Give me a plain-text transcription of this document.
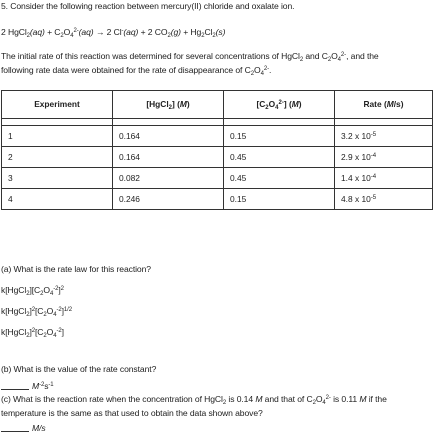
5. Consider the following reaction between mercury(II) chloride and oxalate ion.
2 HgCl$_2$(aq) + $C_2O_4^{2-}(aq) \to 2$ Cl-(aq) + 2 $CO_2(g) + Hg_2Cl_2(s)$
The initial rate of this reaction was determined for several concentrations of HgCl$_2$ and $C_2O_4^{2-}$, and the
following rate data were obtained for the rate of disappearance of $C_2O_4^{2-}$.
Experiment	[HgCl$_2$] (M)	$[C_2O_4^{2-}]$ (M)	Rate (M/s)

1	0.164	0.15	3.2 x $10^{-5}$
2	0.164	0.45	2.9 x $10^{-4}$
3	0.082	0.45	1.4 x $10^{-4}$
4	0.246	0.15	4.8 x $10^{-5}$
(a) What is the rate law for this reaction?
$k[HgCl_2][C_2O_4^{-2}]^2$
$k[HgCl_2]^2[C_2O_4^{-2}]^{1/2}$
$k[HgCl_2]^2[C_2O_4^{-2}]$
(b) What is the value of the rate constant?
$M^{-2}s^{-1}$
(c) What is the reaction rate when the concentration of HgCl$_2$ is 0.14 M and that of $C_2O_4^{2-}$ is 0.11 M if the
temperature is the same as that used to obtain the data shown above?
M/s
